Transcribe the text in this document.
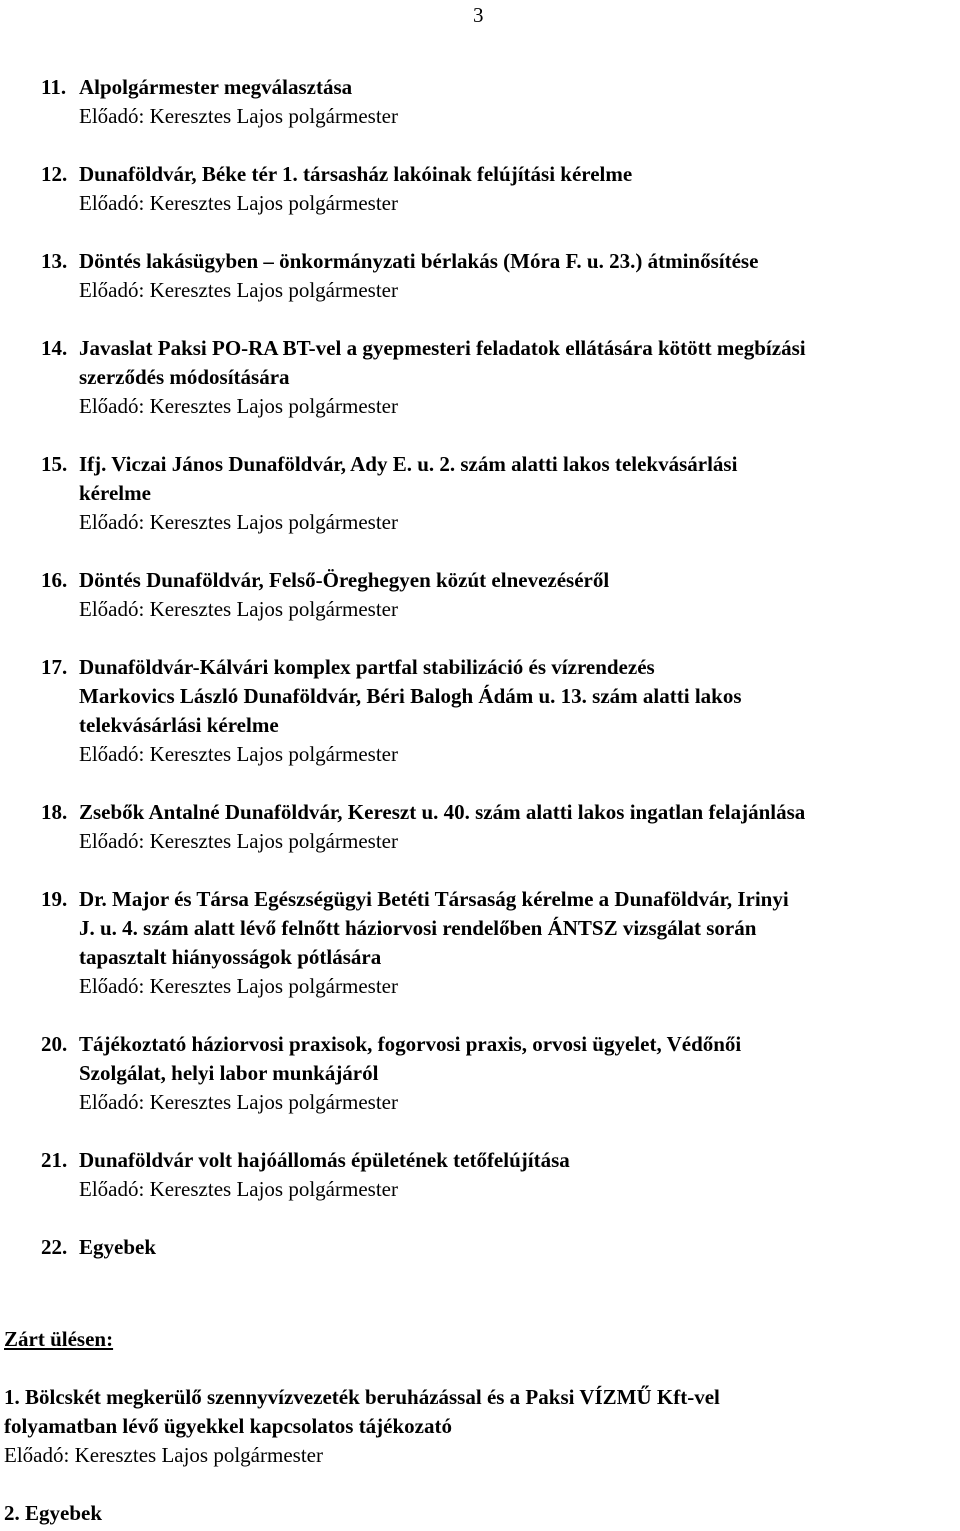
3
11. Alpolgármester megválasztása
Előadó: Keresztes Lajos polgármester
12. Dunaföldvár, Béke tér 1. társasház lakóinak felújítási kérelme
Előadó: Keresztes Lajos polgármester
13. Döntés lakásügyben – önkormányzati bérlakás (Móra F. u. 23.) átminősítése
Előadó: Keresztes Lajos polgármester
14. Javaslat Paksi PO-RA BT-vel a gyepmesteri feladatok ellátására kötött megbízási
szerződés módosítására
Előadó: Keresztes Lajos polgármester
15. Ifj. Viczai János Dunaföldvár, Ady E. u. 2. szám alatti lakos telekvásárlási
kérelme
Előadó: Keresztes Lajos polgármester
16. Döntés Dunaföldvár, Felső-Öreghegyen közút elnevezéséről
Előadó: Keresztes Lajos polgármester
17. Dunaföldvár-Kálvári komplex partfal stabilizáció és vízrendezés
Markovics László Dunaföldvár, Béri Balogh Ádám u. 13. szám alatti lakos
telekvásárlási kérelme
Előadó: Keresztes Lajos polgármester
18. Zsebők Antalné Dunaföldvár, Kereszt u. 40. szám alatti lakos ingatlan felajánlása
Előadó: Keresztes Lajos polgármester
19. Dr. Major és Társa Egészségügyi Betéti Társaság kérelme a Dunaföldvár, Irinyi
J. u. 4. szám alatt lévő felnőtt háziorvosi rendelőben ÁNTSZ vizsgálat során
tapasztalt hiányosságok pótlására
Előadó: Keresztes Lajos polgármester
20. Tájékoztató háziorvosi praxisok, fogorvosi praxis, orvosi ügyelet, Védőnői
Szolgálat, helyi labor munkájáról
Előadó: Keresztes Lajos polgármester
21. Dunaföldvár volt hajóállomás épületének tetőfelújítása
Előadó: Keresztes Lajos polgármester
22. Egyebek
Zárt ülésen:
1. Bölcskét megkerülő szennyvízvezeték beruházással és a Paksi VÍZMŰ Kft-vel
folyamatban lévő ügyekkel kapcsolatos tájékozató
Előadó: Keresztes Lajos polgármester
2. Egyebek
